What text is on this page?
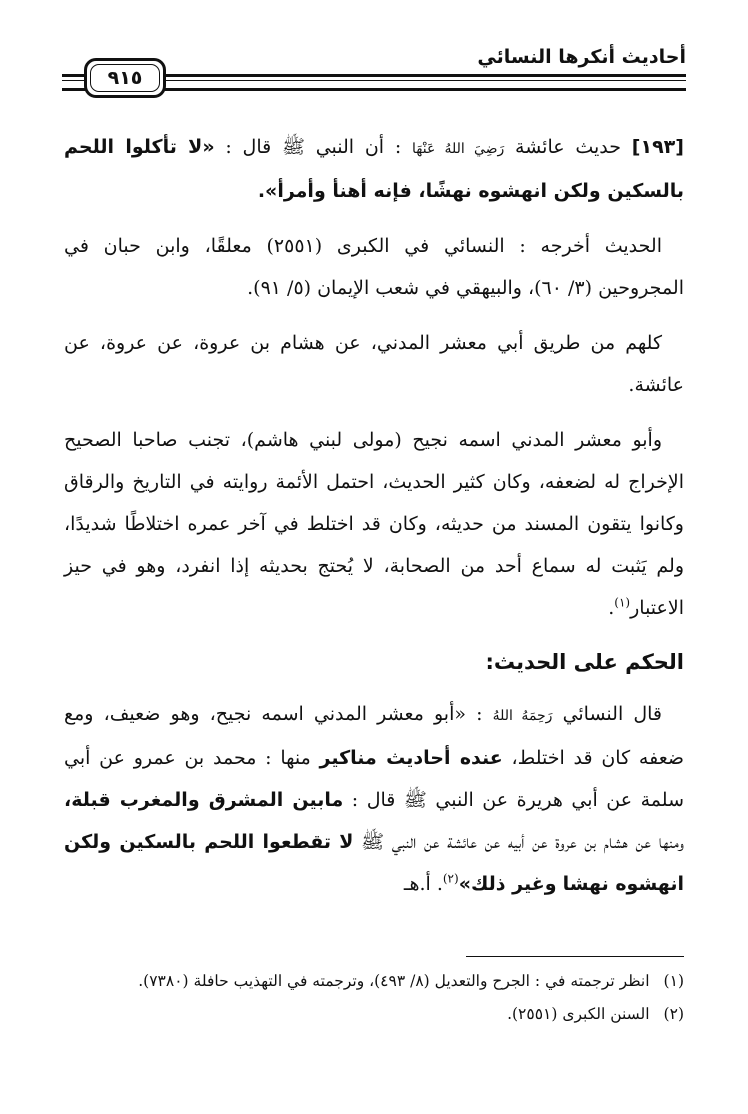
أحاديث أنكرها النسائي
٩١٥

[١٩٣] حديث عائشة رَضِيَ اللهُ عَنْهَا : أن النبي ﷺ قال : «لا تأكلوا اللحم بالسكين ولكن انهشوه نهشًا، فإنه أهنأ وأمرأ».

الحديث أخرجه : النسائي في الكبرى (٢٥٥١) معلقًا، وابن حبان في المجروحين (٣/ ٦٠)، والبيهقي في شعب الإيمان (٥/ ٩١).

كلهم من طريق أبي معشر المدني، عن هشام بن عروة، عن عروة، عن عائشة.

وأبو معشر المدني اسمه نجيح (مولى لبني هاشم)، تجنب صاحبا الصحيح الإخراج له لضعفه، وكان كثير الحديث، احتمل الأئمة روايته في التاريخ والرقاق وكانوا يتقون المسند من حديثه، وكان قد اختلط في آخر عمره اختلاطًا شديدًا، ولم يَثبت له سماع أحد من الصحابة، لا يُحتج بحديثه إذا انفرد، وهو في حيز الاعتبار$^{(١)}$.

الحكم على الحديث:

قال النسائي رَحِمَهُ اللهُ : «أبو معشر المدني اسمه نجيح، وهو ضعيف، ومع ضعفه كان قد اختلط، عنده أحاديث مناكير منها : محمد بن عمرو عن أبي سلمة عن أبي هريرة عن النبي ﷺ قال : مابين المشرق والمغرب قبلة، ومنها عن هشام بن عروة عن أبيه عن عائشة عن النبي ﷺ لا تقطعوا اللحم بالسكين ولكن انهشوه نهشا وغير ذلك»$^{(٢)}$. أ.هـ

(١)
انظر ترجمته في : الجرح والتعديل (٨/ ٤٩٣)، وترجمته في التهذيب حافلة (٧٣٨٠).
(٢)
السنن الكبرى (٢٥٥١).
